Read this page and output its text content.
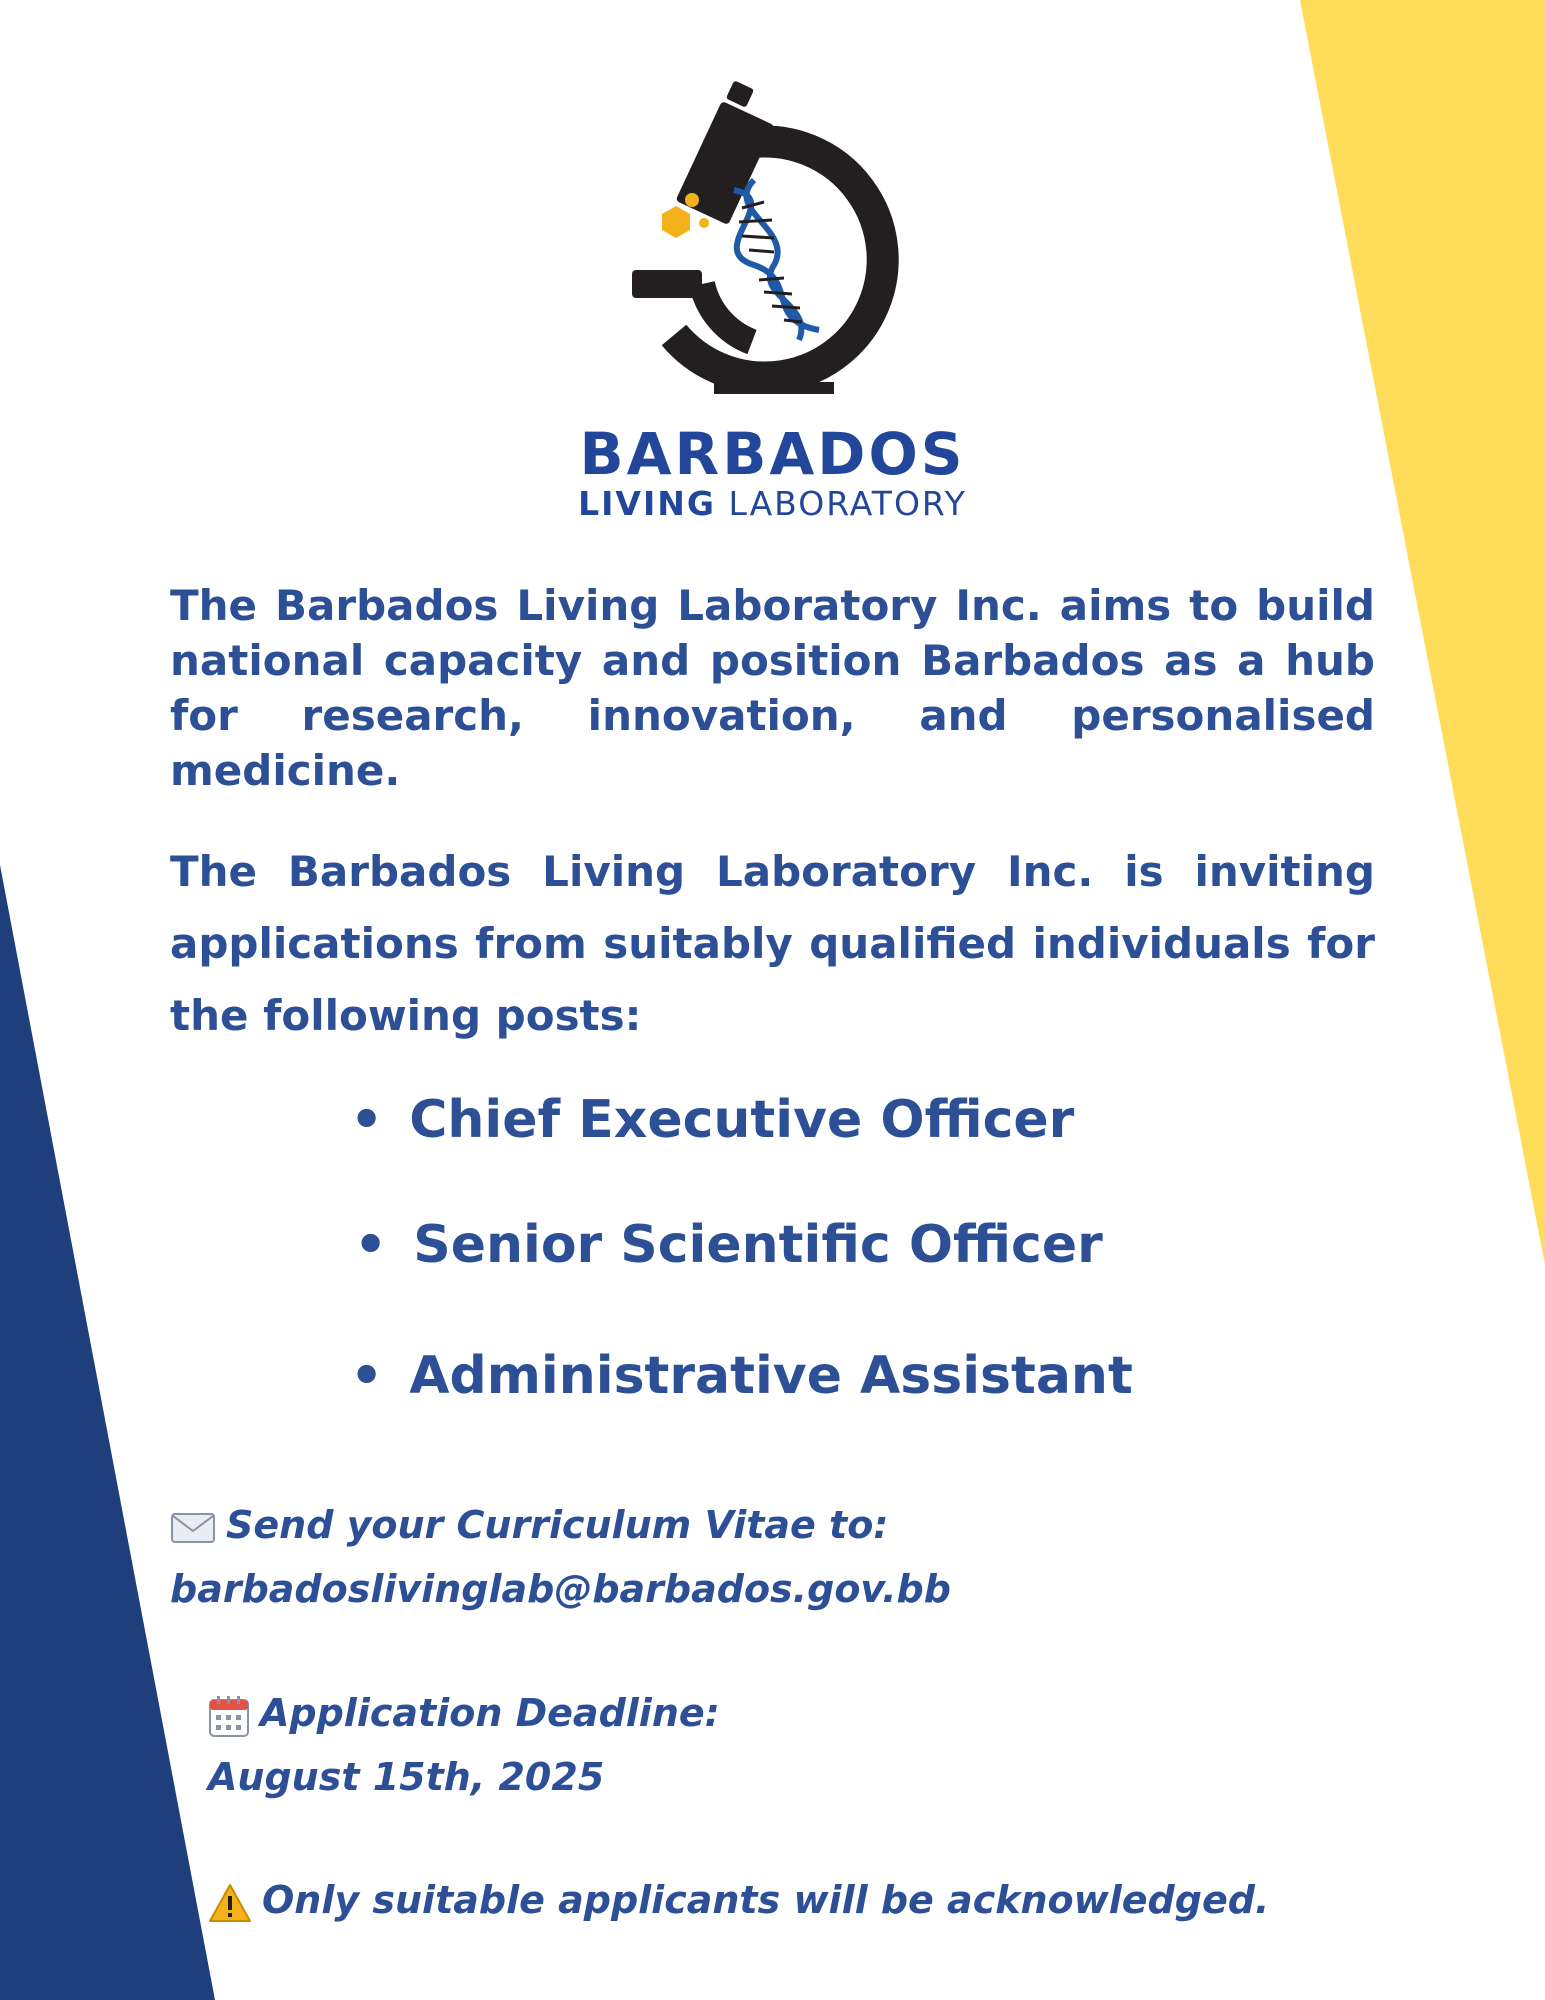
BARBADOS
LIVING LABORATORY
The Barbados Living Laboratory Inc. aims to build national capacity and position Barbados as a hub for research, innovation, and personalised medicine.
The Barbados Living Laboratory Inc. is inviting applications from suitably qualified individuals for the following posts:
• Chief Executive Officer
• Senior Scientific Officer
• Administrative Assistant
Send your Curriculum Vitae to:
barbadoslivinglab@barbados.gov.bb
Application Deadline:
August 15th, 2025
Only suitable applicants will be acknowledged.
